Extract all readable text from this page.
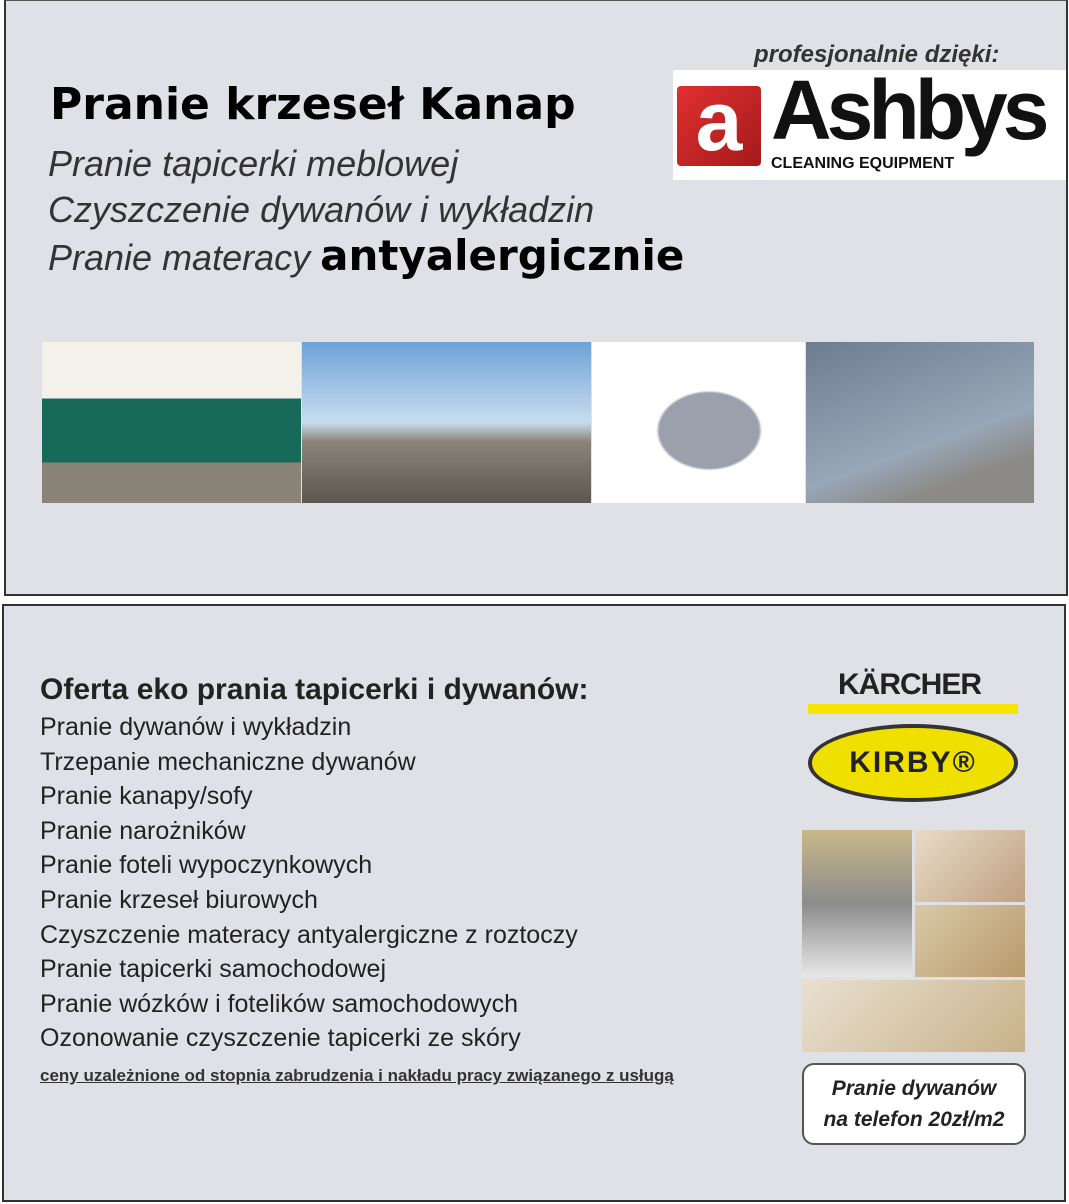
Pranie krzeseł Kanap
Pranie tapicerki meblowej
Czyszczenie dywanów i wykładzin
Pranie materacy antyalergicznie
profesjonalnie dzięki:
a Ashbys
CLEANING EQUIPMENT
Oferta eko prania tapicerki i dywanów:
Pranie dywanów i wykładzin
Trzepanie mechaniczne dywanów
Pranie kanapy/sofy
Pranie narożników
Pranie foteli wypoczynkowych
Pranie krzeseł biurowych
Czyszczenie materacy antyalergiczne z roztoczy
Pranie tapicerki samochodowej
Pranie wózków i fotelików samochodowych
Ozonowanie czyszczenie tapicerki ze skóry
ceny uzależnione od stopnia zabrudzenia i nakładu pracy związanego z usługą
KÄRCHER
KIRBY®
Pranie dywanów
na telefon 20zł/m2
